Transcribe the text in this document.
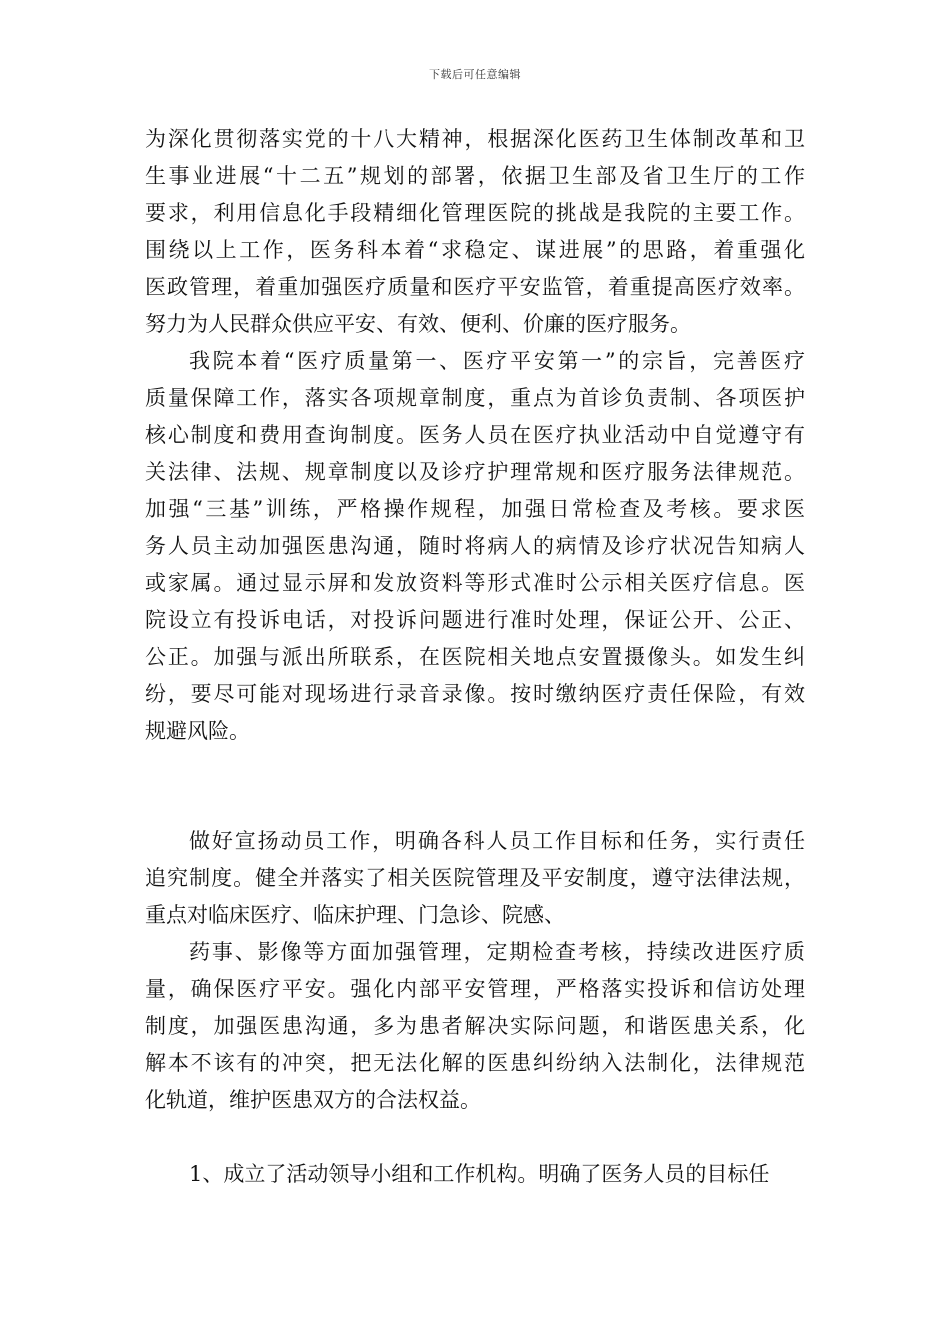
下载后可任意编辑
为深化贯彻落实党的十八大精神，根据深化医药卫生体制改革和卫
生事业进展“十二五”规划的部署，依据卫生部及省卫生厅的工作
要求，利用信息化手段精细化管理医院的挑战是我院的主要工作。
围绕以上工作，医务科本着“求稳定、谋进展”的思路，着重强化
医政管理，着重加强医疗质量和医疗平安监管，着重提高医疗效率。
努力为人民群众供应平安、有效、便利、价廉的医疗服务。
我院本着“医疗质量第一、医疗平安第一”的宗旨，完善医疗
质量保障工作，落实各项规章制度，重点为首诊负责制、各项医护
核心制度和费用查询制度。医务人员在医疗执业活动中自觉遵守有
关法律、法规、规章制度以及诊疗护理常规和医疗服务法律规范。
加强“三基”训练，严格操作规程，加强日常检查及考核。要求医
务人员主动加强医患沟通，随时将病人的病情及诊疗状况告知病人
或家属。通过显示屏和发放资料等形式准时公示相关医疗信息。医
院设立有投诉电话，对投诉问题进行准时处理，保证公开、公正、
公正。加强与派出所联系，在医院相关地点安置摄像头。如发生纠
纷，要尽可能对现场进行录音录像。按时缴纳医疗责任保险，有效
规避风险。
做好宣扬动员工作，明确各科人员工作目标和任务，实行责任
追究制度。健全并落实了相关医院管理及平安制度，遵守法律法规，
重点对临床医疗、临床护理、门急诊、院感、
药事、影像等方面加强管理，定期检查考核，持续改进医疗质
量，确保医疗平安。强化内部平安管理，严格落实投诉和信访处理
制度，加强医患沟通，多为患者解决实际问题，和谐医患关系，化
解本不该有的冲突，把无法化解的医患纠纷纳入法制化，法律规范
化轨道，维护医患双方的合法权益。
1、成立了活动领导小组和工作机构。明确了医务人员的目标任
